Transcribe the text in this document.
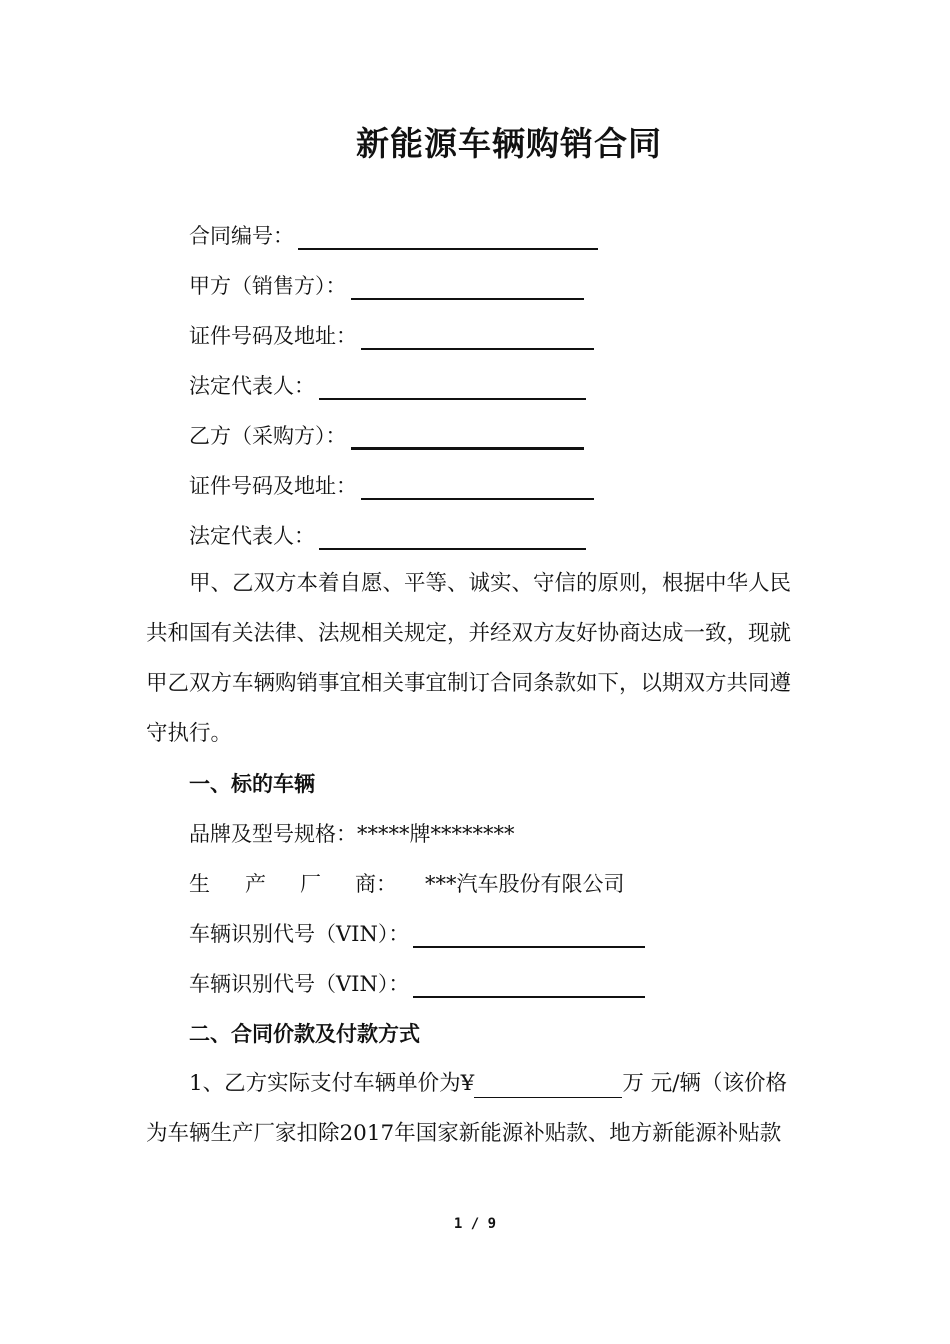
新能源车辆购销合同
合同编号：
甲方（销售方）：
证件号码及地址：
法定代表人：
乙方（采购方）：
证件号码及地址：
法定代表人：
甲、乙双方本着自愿、平等、诚实、守信的原则，根据中华人民
共和国有关法律、法规相关规定，并经双方友好协商达成一致，现就
甲乙双方车辆购销事宜相关事宜制订合同条款如下，以期双方共同遵
守执行。
一、标的车辆
品牌及型号规格：*****牌********
生 产 厂 商： ***汽车股份有限公司
车辆识别代号（VIN）：
车辆识别代号（VIN）：
二、合同价款及付款方式
1、乙方实际支付车辆单价为¥	万 元/辆（该价格
为车辆生产厂家扣除2017年国家新能源补贴款、地方新能源补贴款
1 / 9
